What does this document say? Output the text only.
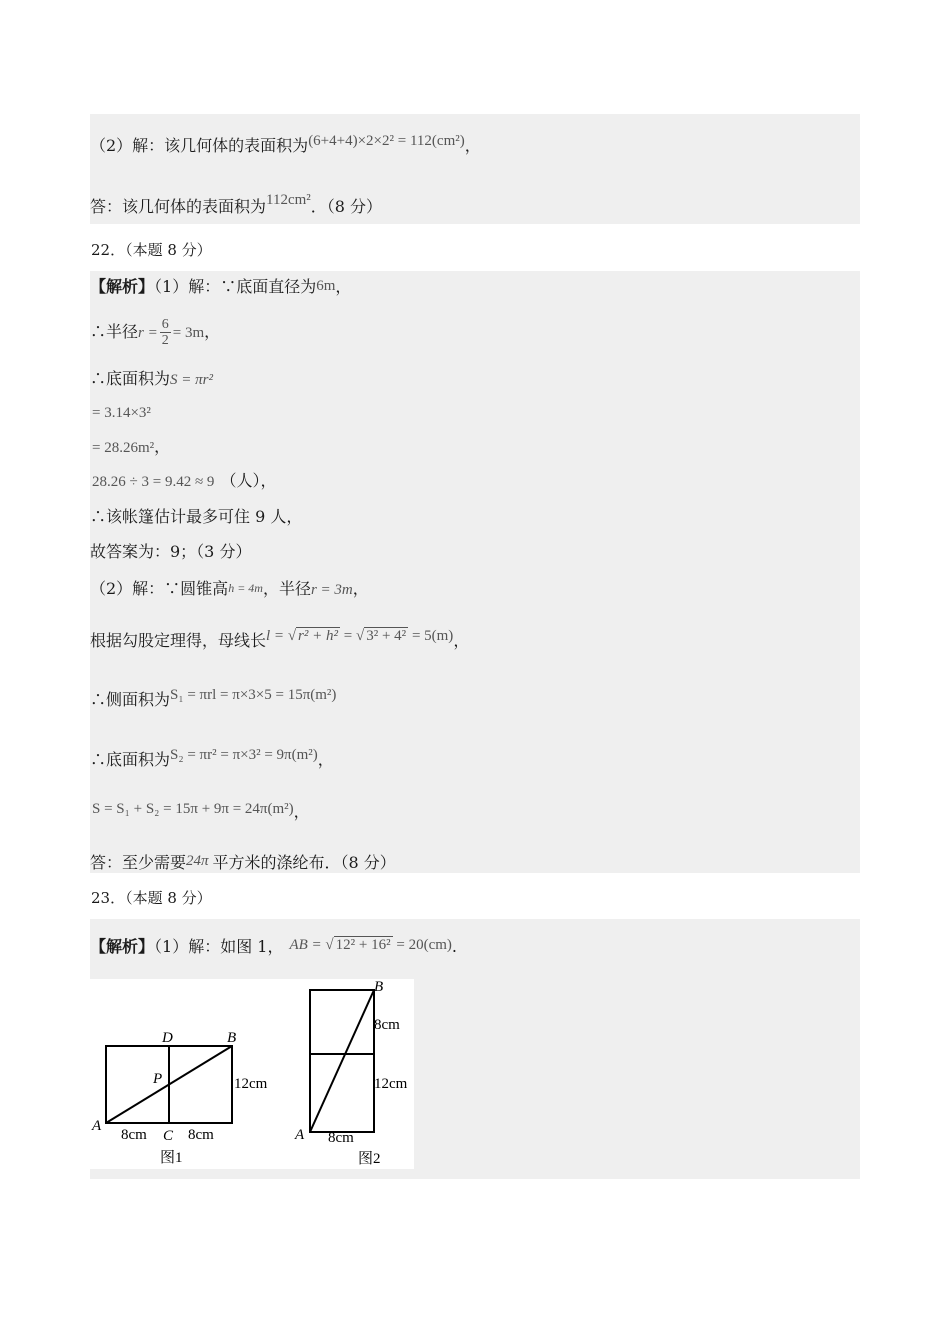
（2）解：该几何体的表面积为(6+4+4)×2×2² = 112(cm²)，
答：该几何体的表面积为112cm²．（8 分）
22．（本题 8 分）
【解析】（1）解：∵底面直径为6m，
∴半径$r = \frac{6}{2} = 3m$，
∴底面积为S = πr²
= 3.14×3²
= 28.26m²，
28.26 ÷ 3 = 9.42 ≈ 9 （人），
∴该帐篷估计最多可住 9 人，
故答案为：9；（3 分）
（2）解：∵圆锥高h = 4m，半径r = 3m，
根据勾股定理得，母线长l = √ r² + h² = √ 3² + 4² = 5(m)，
∴侧面积为S₁ = πrl = π×3×5 = 15π(m²)
∴底面积为S₂ = πr² = π×3² = 9π(m²)，
S = S₁ + S₂ = 15π + 9π = 24π(m²)，
答：至少需要24π 平方米的涤纶布．（8 分）
23．（本题 8 分）
【解析】（1）解：如图 1， AB = √ 12² + 16² = 20(cm).
D	B
P
A
C
12cm
8cm	8cm
图1
B
8cm
12cm
A 8cm
图2
